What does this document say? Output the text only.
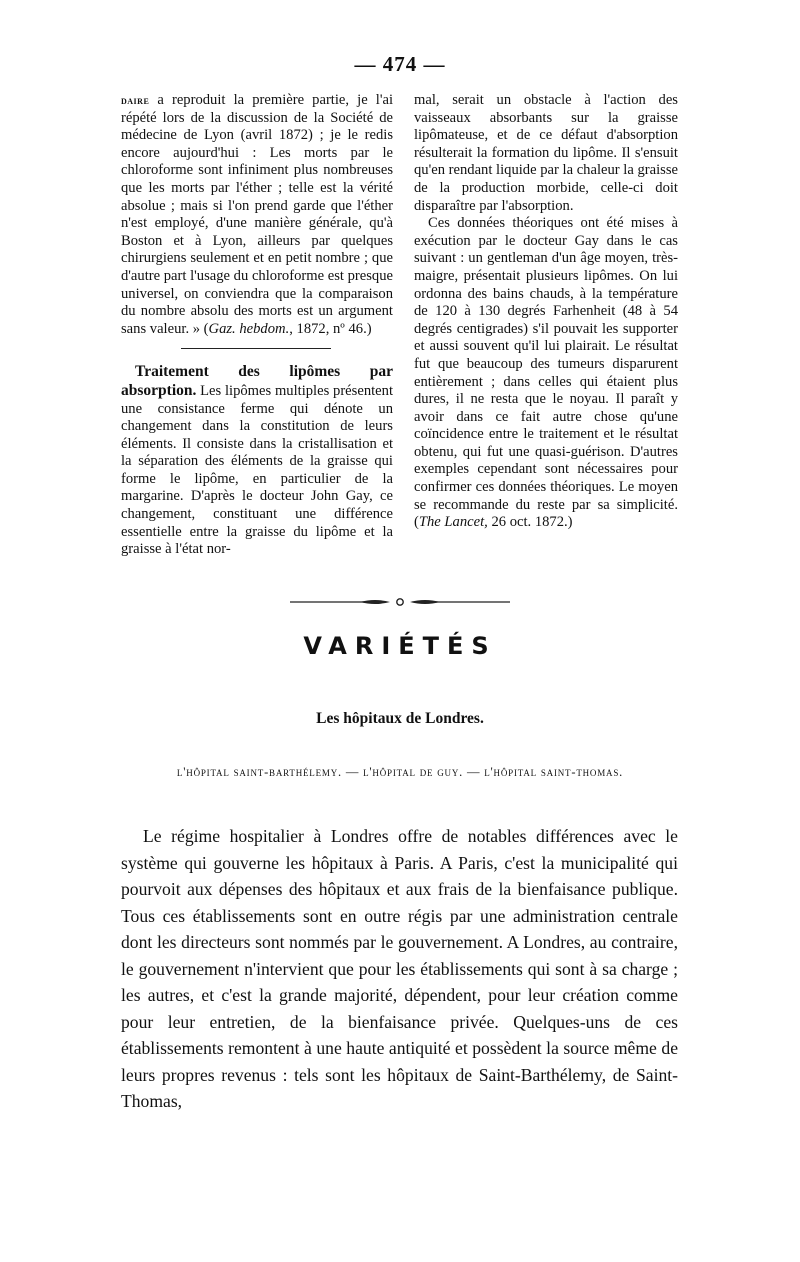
— 474 —

daire a reproduit la première partie, je l'ai répété lors de la discussion de la Société de médecine de Lyon (avril 1872) ; je le redis encore aujourd'hui : Les morts par le chloroforme sont infiniment plus nombreuses que les morts par l'éther ; telle est la vérité absolue ; mais si l'on prend garde que l'éther n'est employé, d'une manière générale, qu'à Boston et à Lyon, ailleurs par quelques chirurgiens seulement et en petit nombre ; que d'autre part l'usage du chloroforme est presque universel, on conviendra que la comparaison du nombre absolu des morts est un argument sans valeur. » (Gaz. hebdom., 1872, nº 46.)

Traitement des lipômes par absorption. Les lipômes multiples présentent une consistance ferme qui dénote un changement dans la constitution de leurs éléments. Il consiste dans la cristallisation et la séparation des éléments de la graisse qui forme le lipôme, en particulier de la margarine. D'après le docteur John Gay, ce changement, constituant une différence essentielle entre la graisse du lipôme et la graisse à l'état nor-

mal, serait un obstacle à l'action des vaisseaux absorbants sur la graisse lipômateuse, et de ce défaut d'absorption résulterait la formation du lipôme. Il s'ensuit qu'en rendant liquide par la chaleur la graisse de la production morbide, celle-ci doit disparaître par l'absorption.

Ces données théoriques ont été mises à exécution par le docteur Gay dans le cas suivant : un gentleman d'un âge moyen, très-maigre, présentait plusieurs lipômes. On lui ordonna des bains chauds, à la température de 120 à 130 degrés Farhenheit (48 à 54 degrés centigrades) s'il pouvait les supporter et aussi souvent qu'il lui plairait. Le résultat fut que beaucoup des tumeurs disparurent entièrement ; dans celles qui étaient plus dures, il ne resta que le noyau. Il paraît y avoir dans ce fait autre chose qu'une coïncidence entre le traitement et le résultat obtenu, qui fut une quasi-guérison. D'autres exemples cependant sont nécessaires pour confirmer ces données théoriques. Le moyen se recommande du reste par sa simplicité. (The Lancet, 26 oct. 1872.)

VARIÉTÉS
Les hôpitaux de Londres.
l'hôpital saint-barthélemy. — l'hôpital de guy. — l'hôpital saint-thomas.

Le régime hospitalier à Londres offre de notables différences avec le système qui gouverne les hôpitaux à Paris. A Paris, c'est la municipalité qui pourvoit aux dépenses des hôpitaux et aux frais de la bienfaisance publique. Tous ces établissements sont en outre régis par une administration centrale dont les directeurs sont nommés par le gouvernement. A Londres, au contraire, le gouvernement n'intervient que pour les établissements qui sont à sa charge ; les autres, et c'est la grande majorité, dépendent, pour leur création comme pour leur entretien, de la bienfaisance privée. Quelques-uns de ces établissements remontent à une haute antiquité et possèdent la source même de leurs propres revenus : tels sont les hôpitaux de Saint-Barthélemy, de Saint-Thomas,
